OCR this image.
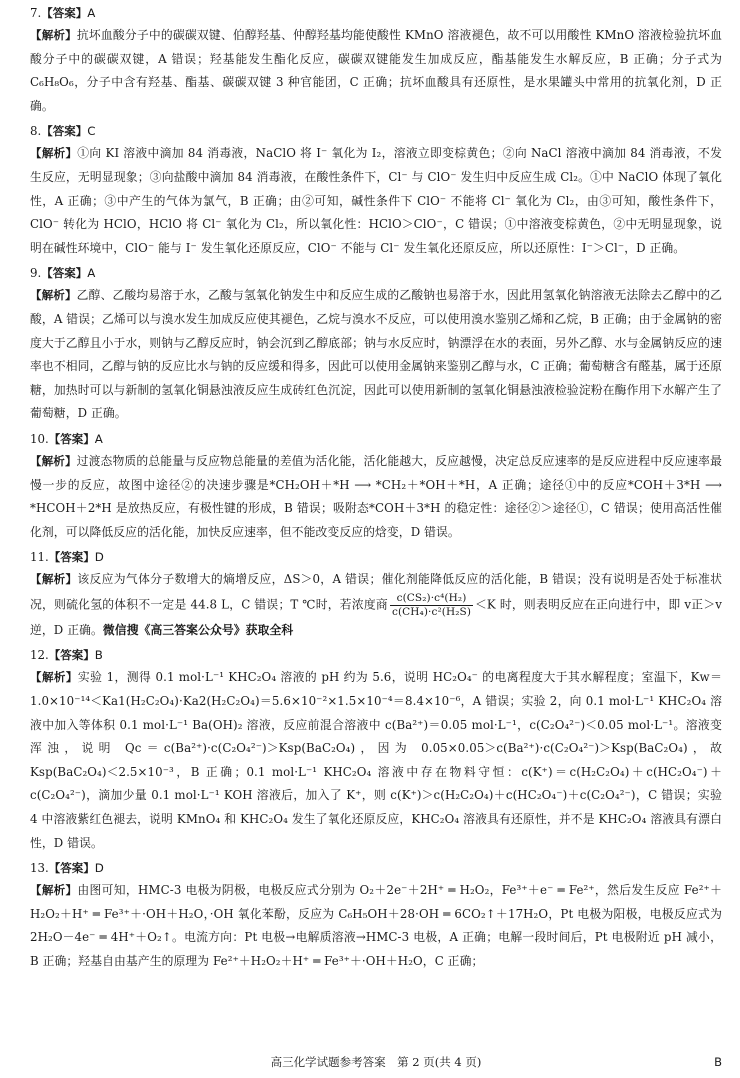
7.【答案】A

【解析】抗坏血酸分子中的碳碳双键、伯醇羟基、仲醇羟基均能使酸性 KMnO 溶液褪色，故不可以用酸性 KMnO 溶液检验抗坏血酸分子中的碳碳双键，A 错误；羟基能发生酯化反应，碳碳双键能发生加成反应，酯基能发生水解反应，B 正确；分子式为 C₆H₈O₆，分子中含有羟基、酯基、碳碳双键 3 种官能团，C 正确；抗坏血酸具有还原性，是水果罐头中常用的抗氧化剂，D 正确。

8.【答案】C

【解析】①向 KI 溶液中滴加 84 消毒液，NaClO 将 I⁻ 氧化为 I₂，溶液立即变棕黄色；②向 NaCl 溶液中滴加 84 消毒液，不发生反应，无明显现象；③向盐酸中滴加 84 消毒液，在酸性条件下，Cl⁻ 与 ClO⁻ 发生归中反应生成 Cl₂。①中 NaClO 体现了氧化性，A 正确；③中产生的气体为氯气，B 正确；由②可知，碱性条件下 ClO⁻ 不能将 Cl⁻ 氧化为 Cl₂，由③可知，酸性条件下，ClO⁻ 转化为 HClO，HClO 将 Cl⁻ 氧化为 Cl₂，所以氧化性：HClO＞ClO⁻，C 错误；①中溶液变棕黄色，②中无明显现象，说明在碱性环境中，ClO⁻ 能与 I⁻ 发生氧化还原反应，ClO⁻ 不能与 Cl⁻ 发生氧化还原反应，所以还原性：I⁻＞Cl⁻，D 正确。

9.【答案】A

【解析】乙醇、乙酸均易溶于水，乙酸与氢氧化钠发生中和反应生成的乙酸钠也易溶于水，因此用氢氧化钠溶液无法除去乙醇中的乙酸，A 错误；乙烯可以与溴水发生加成反应使其褪色，乙烷与溴水不反应，可以使用溴水鉴别乙烯和乙烷，B 正确；由于金属钠的密度大于乙醇且小于水，则钠与乙醇反应时，钠会沉到乙醇底部；钠与水反应时，钠漂浮在水的表面，另外乙醇、水与金属钠反应的速率也不相同，乙醇与钠的反应比水与钠的反应缓和得多，因此可以使用金属钠来鉴别乙醇与水，C 正确；葡萄糖含有醛基，属于还原糖，加热时可以与新制的氢氧化铜悬浊液反应生成砖红色沉淀，因此可以使用新制的氢氧化铜悬浊液检验淀粉在酶作用下水解产生了葡萄糖，D 正确。

10.【答案】A

【解析】过渡态物质的总能量与反应物总能量的差值为活化能，活化能越大，反应越慢，决定总反应速率的是反应进程中反应速率最慢一步的反应，故图中途径②的决速步骤是*CH₂OH＋*H ⟶ *CH₂＋*OH＋*H，A 正确；途径①中的反应*COH＋3*H ⟶ *HCOH＋2*H 是放热反应，有极性键的形成，B 错误；吸附态*COH＋3*H 的稳定性：途径②＞途径①，C 错误；使用高活性催化剂，可以降低反应的活化能，加快反应速率，但不能改变反应的焓变，D 错误。

11.【答案】D

【解析】该反应为气体分子数增大的熵增反应，ΔS＞0，A 错误；催化剂能降低反应的活化能，B 错误；没有说明是否处于标准状况，则硫化氢的体积不一定是 44.8 L，C 错误；T ℃时，若浓度商 $\frac{\text{c(CS₂)·c⁴(H₂)}}{\text{c(CH₄)·c²(H₂S)}} <K$ 时，则表明反应在正向进行中，即 v正＞v逆，D 正确。微信搜《高三答案公众号》获取全科

12.【答案】B

【解析】实验 1，测得 0.1 mol·L⁻¹ KHC₂O₄ 溶液的 pH 约为 5.6，说明 HC₂O₄⁻ 的电离程度大于其水解程度；室温下，Kw＝1.0×10⁻¹⁴＜Ka1(H₂C₂O₄)·Ka2(H₂C₂O₄)＝5.6×10⁻²×1.5×10⁻⁴＝8.4×10⁻⁶，A 错误；实验 2，向 0.1 mol·L⁻¹ KHC₂O₄ 溶液中加入等体积 0.1 mol·L⁻¹ Ba(OH)₂ 溶液，反应前混合溶液中 c(Ba²⁺)＝0.05 mol·L⁻¹，c(C₂O₄²⁻)＜0.05 mol·L⁻¹。溶液变浑浊，说明 Qc＝c(Ba²⁺)·c(C₂O₄²⁻)＞Ksp(BaC₂O₄)，因为 0.05×0.05＞c(Ba²⁺)·c(C₂O₄²⁻)＞Ksp(BaC₂O₄)，故 Ksp(BaC₂O₄)＜2.5×10⁻³，B 正确；0.1 mol·L⁻¹ KHC₂O₄ 溶液中存在物料守恒：c(K⁺)＝c(H₂C₂O₄)＋c(HC₂O₄⁻)＋c(C₂O₄²⁻)，滴加少量 0.1 mol·L⁻¹ KOH 溶液后，加入了 K⁺，则 c(K⁺)＞c(H₂C₂O₄)＋c(HC₂O₄⁻)＋c(C₂O₄²⁻)，C 错误；实验 4 中溶液紫红色褪去，说明 KMnO₄ 和 KHC₂O₄ 发生了氧化还原反应，KHC₂O₄ 溶液具有还原性，并不是 KHC₂O₄ 溶液具有漂白性，D 错误。

13.【答案】D

【解析】由图可知，HMC-3 电极为阴极，电极反应式分别为 O₂＋2e⁻＋2H⁺ ═ H₂O₂，Fe³⁺＋e⁻ ═ Fe²⁺，然后发生反应 Fe²⁺＋H₂O₂＋H⁺ ═ Fe³⁺＋·OH＋H₂O，·OH 氧化苯酚，反应为 C₆H₅OH＋28·OH ═ 6CO₂↑＋17H₂O，Pt 电极为阳极，电极反应式为 2H₂O－4e⁻ ═ 4H⁺＋O₂↑。电流方向：Pt 电极→电解质溶液→HMC-3 电极，A 正确；电解一段时间后，Pt 电极附近 pH 减小，B 正确；羟基自由基产生的原理为 Fe²⁺＋H₂O₂＋H⁺ ═ Fe³⁺＋·OH＋H₂O，C 正确；

高三化学试题参考答案　第 2 页(共 4 页)	B
